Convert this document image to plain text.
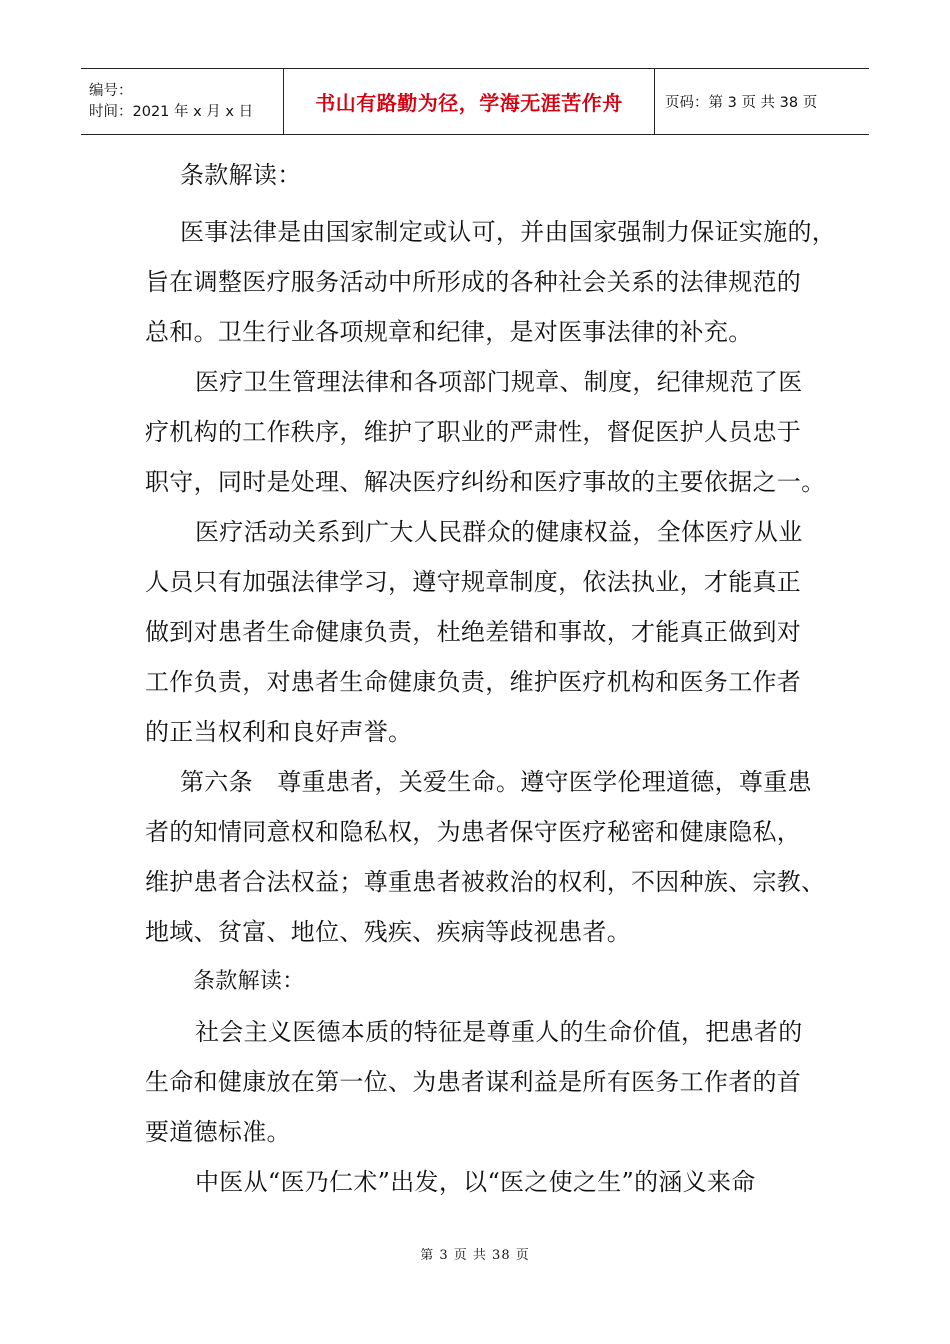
编号：
时间：2021 年 x 月 x 日	书山有路勤为径，学海无涯苦作舟	页码：第 3 页 共 38 页
条款解读：
医事法律是由国家制定或认可，并由国家强制力保证实施的，
旨在调整医疗服务活动中所形成的各种社会关系的法律规范的
总和。卫生行业各项规章和纪律，是对医事法律的补充。
医疗卫生管理法律和各项部门规章、制度，纪律规范了医
疗机构的工作秩序，维护了职业的严肃性，督促医护人员忠于
职守，同时是处理、解决医疗纠纷和医疗事故的主要依据之一。
医疗活动关系到广大人民群众的健康权益，全体医疗从业
人员只有加强法律学习，遵守规章制度，依法执业，才能真正
做到对患者生命健康负责，杜绝差错和事故，才能真正做到对
工作负责，对患者生命健康负责，维护医疗机构和医务工作者
的正当权利和良好声誉。
第六条　尊重患者，关爱生命。遵守医学伦理道德，尊重患
者的知情同意权和隐私权，为患者保守医疗秘密和健康隐私，
维护患者合法权益；尊重患者被救治的权利，不因种族、宗教、
地域、贫富、地位、残疾、疾病等歧视患者。
条款解读：
社会主义医德本质的特征是尊重人的生命价值，把患者的
生命和健康放在第一位、为患者谋利益是所有医务工作者的首
要道德标准。
中医从“医乃仁术”出发，以“医之使之生”的涵义来命
第 3 页 共 38 页
